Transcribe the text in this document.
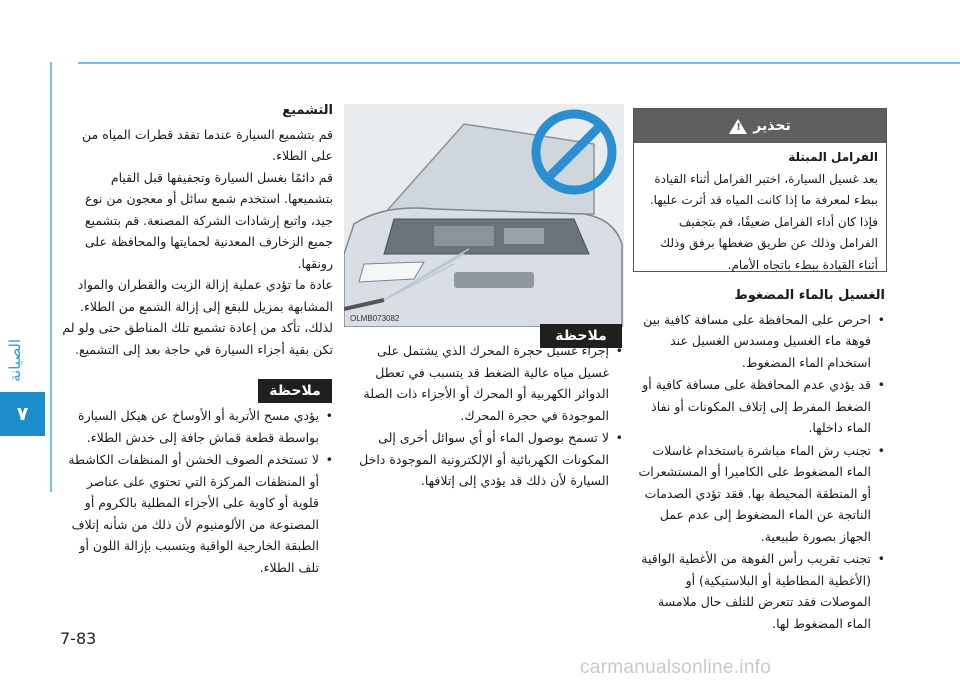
الصيانة
٧
تحذير
!
الفرامل المبتلة
بعد غسيل السيارة، اختبر الفرامل أثناء القيادة ببطء لمعرفة ما إذا كانت المياه قد أثرت عليها. فإذا كان أداء الفرامل ضعيفًا، قم بتجفيف الفرامل وذلك عن طريق ضغطها برفق وذلك أثناء القيادة ببطء باتجاه الأمام.
الغسيل بالماء المضغوط
• احرص على المحافظة على مسافة كافية بين فوهة ماء الغسيل ومسدس الغسيل عند استخدام الماء المضغوط.
• قد يؤدي عدم المحافظة على مسافة كافية أو الضغط المفرط إلى إتلاف المكونات أو نفاذ الماء داخلها.
• تجنب رش الماء مباشرة باستخدام غاسلات الماء المضغوط على الكاميرا أو المستشعرات أو المنطقة المحيطة بها. فقد تؤدي الصدمات الناتجة عن الماء المضغوط إلى عدم عمل الجهاز بصورة طبيعية.
• تجنب تقريب رأس الفوهة من الأغطية الواقية (الأغطية المطاطية أو البلاستيكية) أو الموصلات فقد تتعرض للتلف حال ملامسة الماء المضغوط لها.
OLMB073082
ملاحظة
• إجراء غسيل حجرة المحرك الذي يشتمل على غسيل مياه عالية الضغط قد يتسبب في تعطل الدوائر الكهربية أو المحرك أو الأجزاء ذات الصلة الموجودة في حجرة المحرك.
• لا تسمح بوصول الماء أو أي سوائل أخرى إلى المكونات الكهربائية أو الإلكترونية الموجودة داخل السيارة لأن ذلك قد يؤدي إلى إتلافها.
التشميع

قم بتشميع السيارة عندما تفقد قطرات المياه من على الطلاء.

قم دائمًا بغسل السيارة وتجفيفها قبل القيام بتشميعها. استخدم شمع سائل أو معجون من نوع جيد، واتبع إرشادات الشركة المصنعة. قم بتشميع جميع الزخارف المعدنية لحمايتها والمحافظة على رونقها.

عادة ما تؤدي عملية إزالة الزيت والقطران والمواد المشابهة بمزيل للبقع إلى إزالة الشمع من الطلاء. لذلك، تأكد من إعادة تشميع تلك المناطق حتى ولو لم تكن بقية أجزاء السيارة في حاجة بعد إلى التشميع.

ملاحظة
• يؤدي مسح الأتربة أو الأوساخ عن هيكل السيارة بواسطة قطعة قماش جافة إلى خدش الطلاء.
• لا تستخدم الصوف الخشن أو المنظفات الكاشطة أو المنظفات المركزة التي تحتوي على عناصر قلوية أو كاوية على الأجزاء المطلية بالكروم أو المصنوعة من الألومنيوم لأن ذلك من شأنه إتلاف الطبقة الخارجية الواقية ويتسبب بإزالة اللون أو تلف الطلاء.
7-83
carmanualsonline.info
